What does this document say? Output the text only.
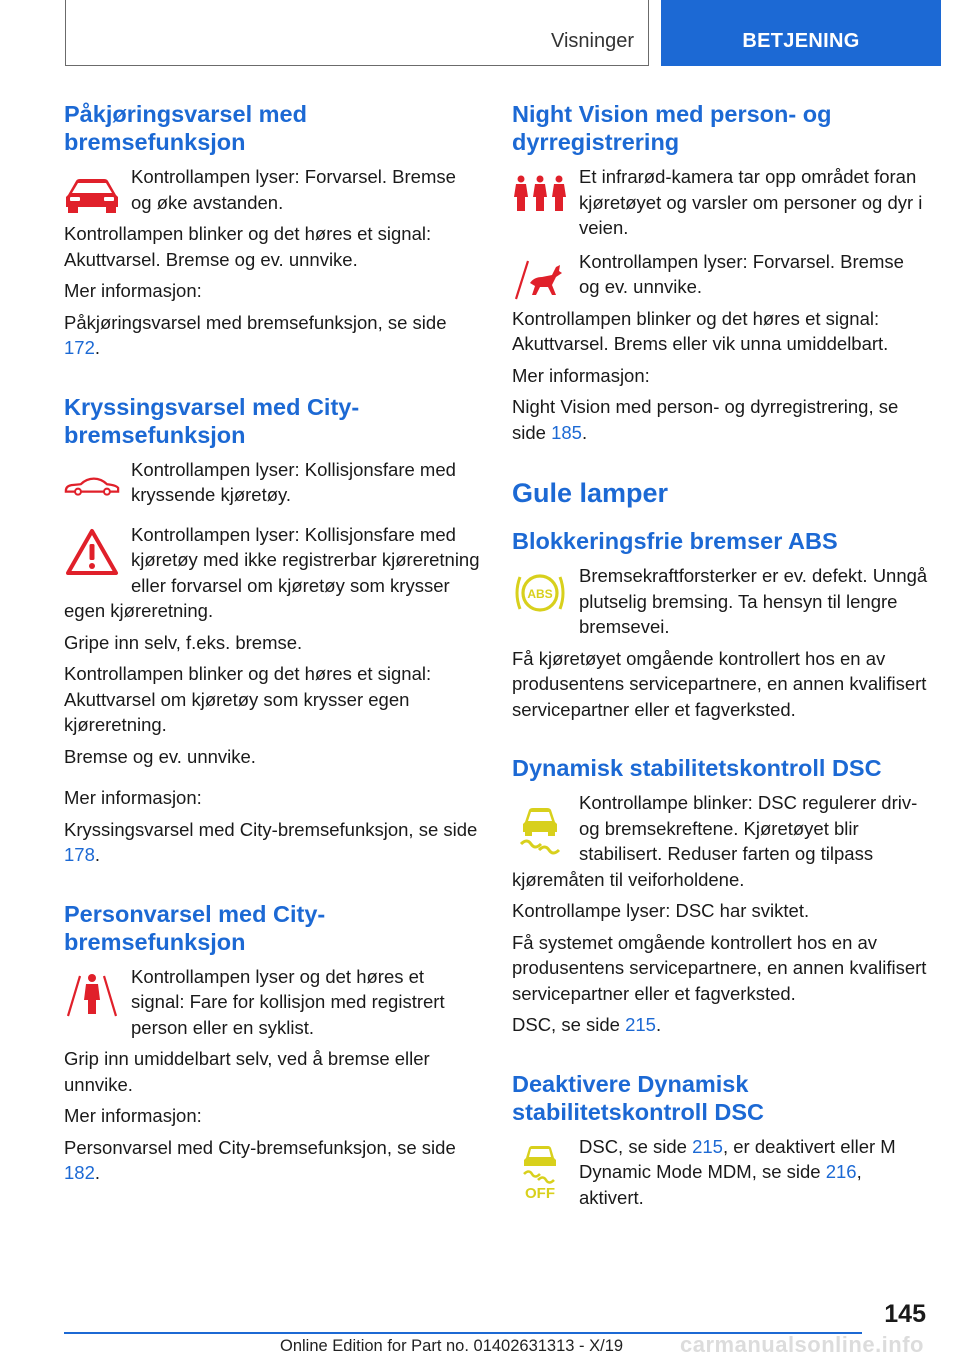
Visninger	BETJENING
Påkjøringsvarsel med bremsefunksjon

Kontrollampen lyser: Forvarsel. Bremse og øke avstanden.

Kontrollampen blinker og det høres et signal: Akuttvarsel. Bremse og ev. unnvike.

Mer informasjon:

Påkjøringsvarsel med bremsefunksjon, se side 172.

Kryssingsvarsel med City-bremsefunksjon

Kontrollampen lyser: Kollisjonsfare med kryssende kjøretøy.

Kontrollampen lyser: Kollisjonsfare med kjøretøy med ikke registrerbar kjøreretning eller forvarsel om kjøretøy som krysser egen kjøreretning.

Gripe inn selv, f.eks. bremse.

Kontrollampen blinker og det høres et signal: Akuttvarsel om kjøretøy som krysser egen kjøreretning.

Bremse og ev. unnvike.

Mer informasjon:

Kryssingsvarsel med City-bremsefunksjon, se side 178.

Personvarsel med City-bremsefunksjon

Kontrollampen lyser og det høres et signal: Fare for kollisjon med registrert person eller en syklist.

Grip inn umiddelbart selv, ved å bremse eller unnvike.

Mer informasjon:

Personvarsel med City-bremsefunksjon, se side 182.

Night Vision med person- og dyrregistrering

Et infrarød-kamera tar opp området foran kjøretøyet og varsler om personer og dyr i veien.

Kontrollampen lyser: Forvarsel. Bremse og ev. unnvike.

Kontrollampen blinker og det høres et signal: Akuttvarsel. Brems eller vik unna umiddelbart.

Mer informasjon:

Night Vision med person- og dyrregistrering, se side 185.

Gule lamper
Blokkeringsfrie bremser ABS
ABS

Bremsekraftforsterker er ev. defekt. Unngå plutselig bremsing. Ta hensyn til lengre bremsevei.

Få kjøretøyet omgående kontrollert hos en av produsentens servicepartnere, en annen kvalifisert servicepartner eller et fagverksted.

Dynamisk stabilitetskontroll DSC

Kontrollampe blinker: DSC regulerer driv- og bremsekreftene. Kjøretøyet blir stabilisert. Reduser farten og tilpass kjøremåten til veiforholdene.

Kontrollampe lyser: DSC har sviktet.

Få systemet omgående kontrollert hos en av produsentens servicepartnere, en annen kvalifisert servicepartner eller et fagverksted.

DSC, se side 215.

Deaktivere Dynamisk stabilitetskontroll DSC
OFF

DSC, se side 215, er deaktivert eller M Dynamic Mode MDM, se side 216, aktivert.

145
Online Edition for Part no. 01402631313 - X/19	carmanualsonline.info
